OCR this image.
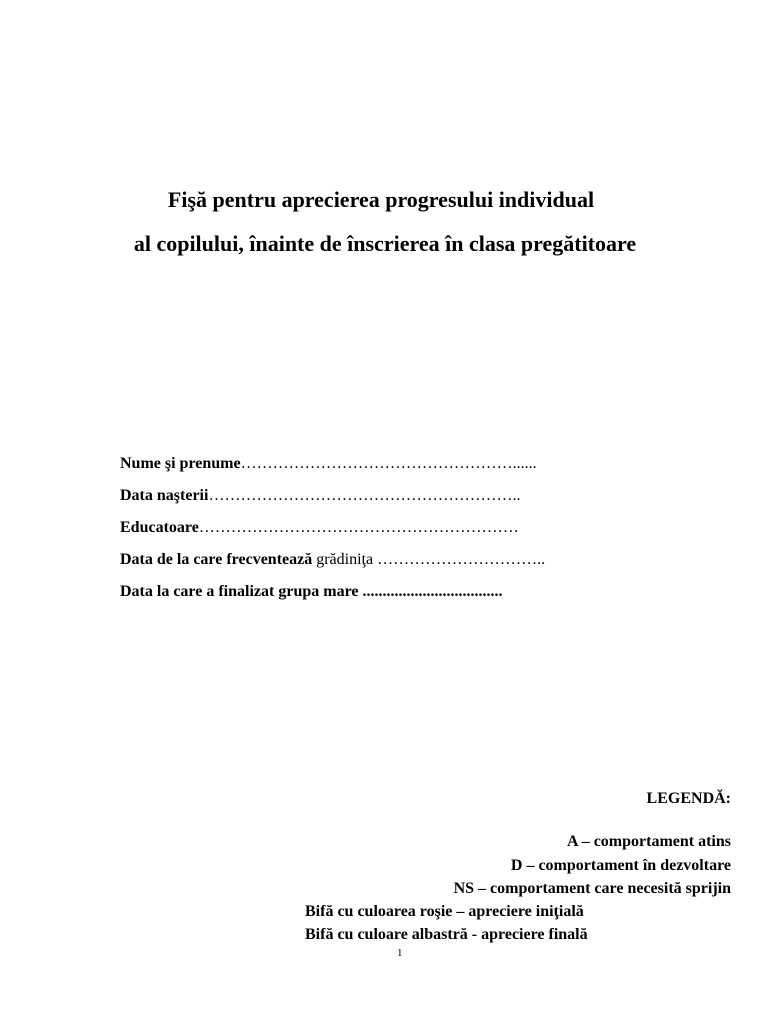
Fişă pentru aprecierea progresului individual
al copilului, înainte de înscrierea în clasa pregătitoare
Nume şi prenume……………………………………………......
Data naşterii…………………………………………………..
Educatoare……………………………………………………
Data de la care frecventează grădiniţa …………………………..
Data la care a finalizat grupa mare ...................................
LEGENDĂ:
A – comportament atins
D – comportament în dezvoltare
NS – comportament care necesită sprijin
Bifă cu culoarea roşie – apreciere iniţială
Bifă cu culoare albastră - apreciere finală
1
